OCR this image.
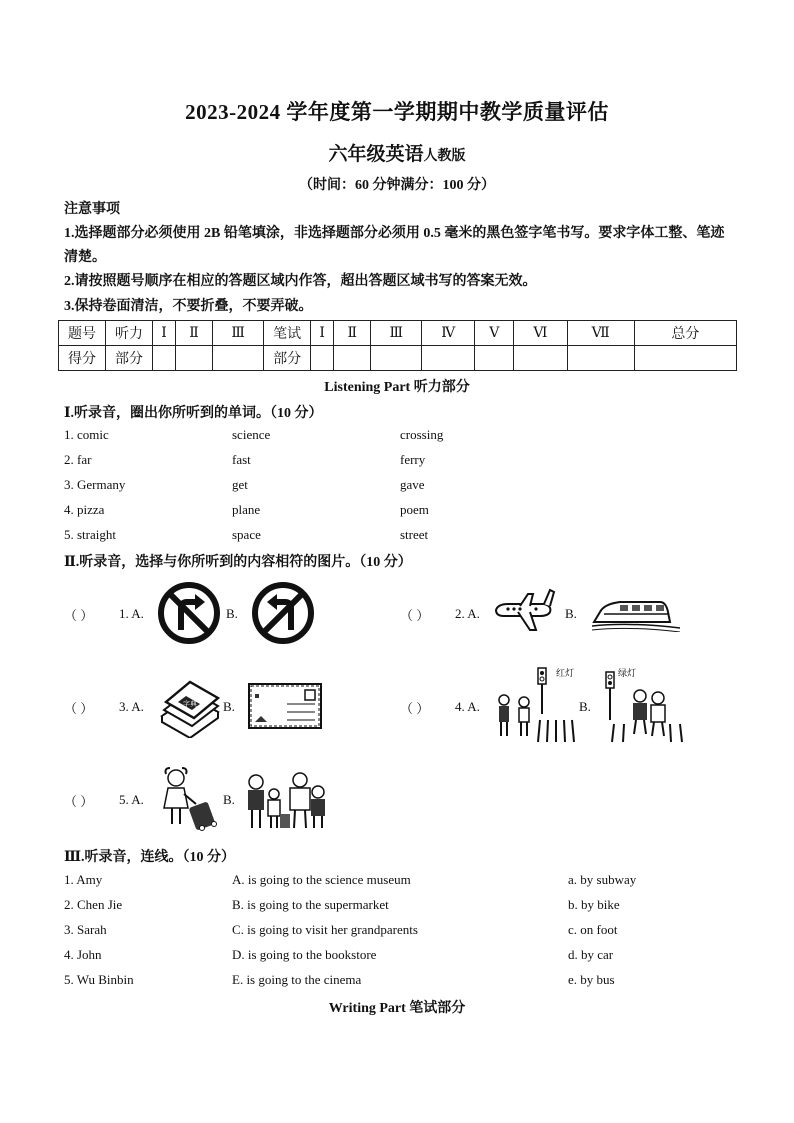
2023-2024 学年度第一学期期中教学质量评估
六年级英语人教版
（时间：60 分钟满分：100 分）
注意事项
1.选择题部分必须使用 2B 铅笔填涂，非选择题部分必须用 0.5 毫米的黑色签字笔书写。要求字体工整、笔迹清楚。
2.请按照题号顺序在相应的答题区域内作答，超出答题区域书写的答案无效。
3.保持卷面清洁，不要折叠，不要弄破。
题号	听力	Ⅰ	Ⅱ	Ⅲ	笔试	Ⅰ	Ⅱ	Ⅲ	Ⅳ	Ⅴ	Ⅵ	Ⅶ	总分
得分	部分				部分								
Listening Part 听力部分
Ⅰ.听录音，圈出你所听到的单词。（10 分）
1. comic	science	crossing
2. far	fast	ferry
3. Germany	get	gave
4. pizza	plane	poem
5. straight	space	street
Ⅱ.听录音，选择与你所听到的内容相符的图片。（10 分）
（ ） 1. A.	B.	（ ） 2. A.	B.
（ ） 3. A.	字典 B.	（ ） 4. A.
红灯
B.
绿灯
（ ） 5. A.	B.
Ⅲ.听录音，连线。（10 分）
1. Amy	A. is going to the science museum	a. by subway
2. Chen Jie	B. is going to the supermarket	b. by bike
3. Sarah	C. is going to visit her grandparents	c. on foot
4. John	D. is going to the bookstore	d. by car
5. Wu Binbin	E. is going to the cinema	e. by bus
Writing Part 笔试部分
